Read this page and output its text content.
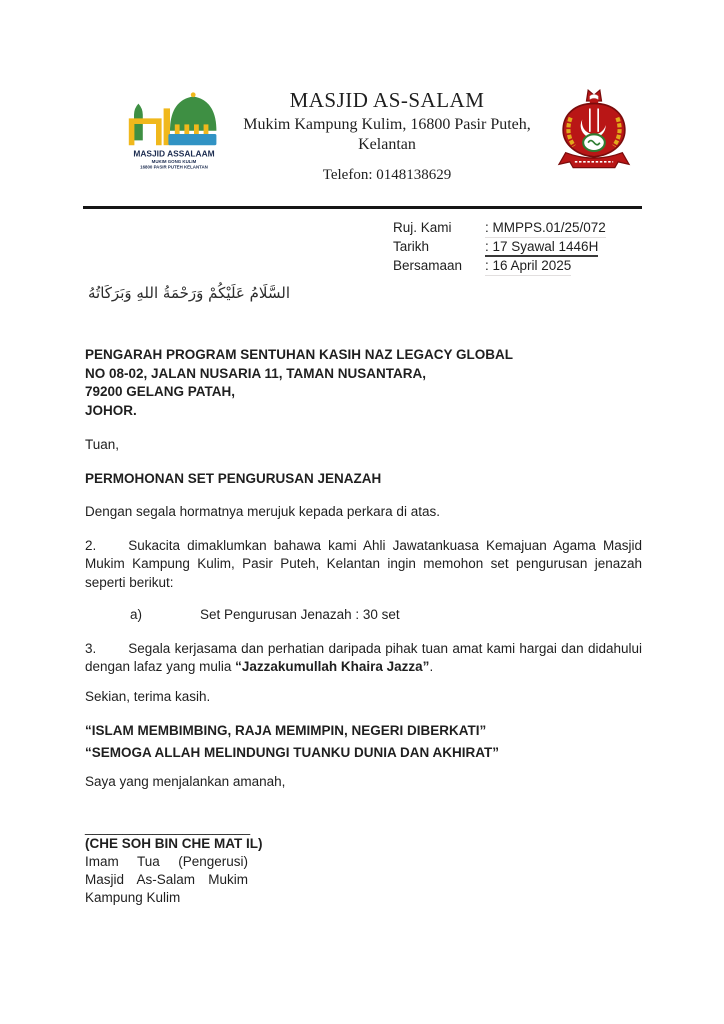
MASJID ASSALAAM
MUKIM GONG KULIM
16800 PASIR PUTEH KELANTAN
MASJID AS-SALAM
Mukim Kampung Kulim, 16800 Pasir Puteh,
Kelantan
Telefon: 0148138629
Ruj. Kami	: MMPPS.01/25/072
Tarikh	: 17 Syawal 1446H
Bersamaan	: 16 April 2025
السَّلَامُ عَلَيْكُمْ وَرَحْمَةُ اللهِ وَبَرَكَاتُهُ
PENGARAH PROGRAM SENTUHAN KASIH NAZ LEGACY GLOBAL
NO 08-02, JALAN NUSARIA 11, TAMAN NUSANTARA,
79200 GELANG PATAH,
JOHOR.
Tuan,
PERMOHONAN SET PENGURUSAN JENAZAH
Dengan segala hormatnya merujuk kepada perkara di atas.
2. Sukacita dimaklumkan bahawa kami Ahli Jawatankuasa Kemajuan Agama Masjid Mukim Kampung Kulim, Pasir Puteh, Kelantan ingin memohon set pengurusan jenazah seperti berikut:
a)	Set Pengurusan Jenazah : 30 set
3. Segala kerjasama dan perhatian daripada pihak tuan amat kami hargai dan didahului dengan lafaz yang mulia “Jazzakumullah Khaira Jazza”.
Sekian, terima kasih.
“ISLAM MEMBIMBING, RAJA MEMIMPIN, NEGERI DIBERKATI”
“SEMOGA ALLAH MELINDUNGI TUANKU DUNIA DAN AKHIRAT”
Saya yang menjalankan amanah,
______________________
(CHE SOH BIN CHE MAT IL)
Imam Tua (Pengerusi)
Masjid As-Salam Mukim
Kampung Kulim
